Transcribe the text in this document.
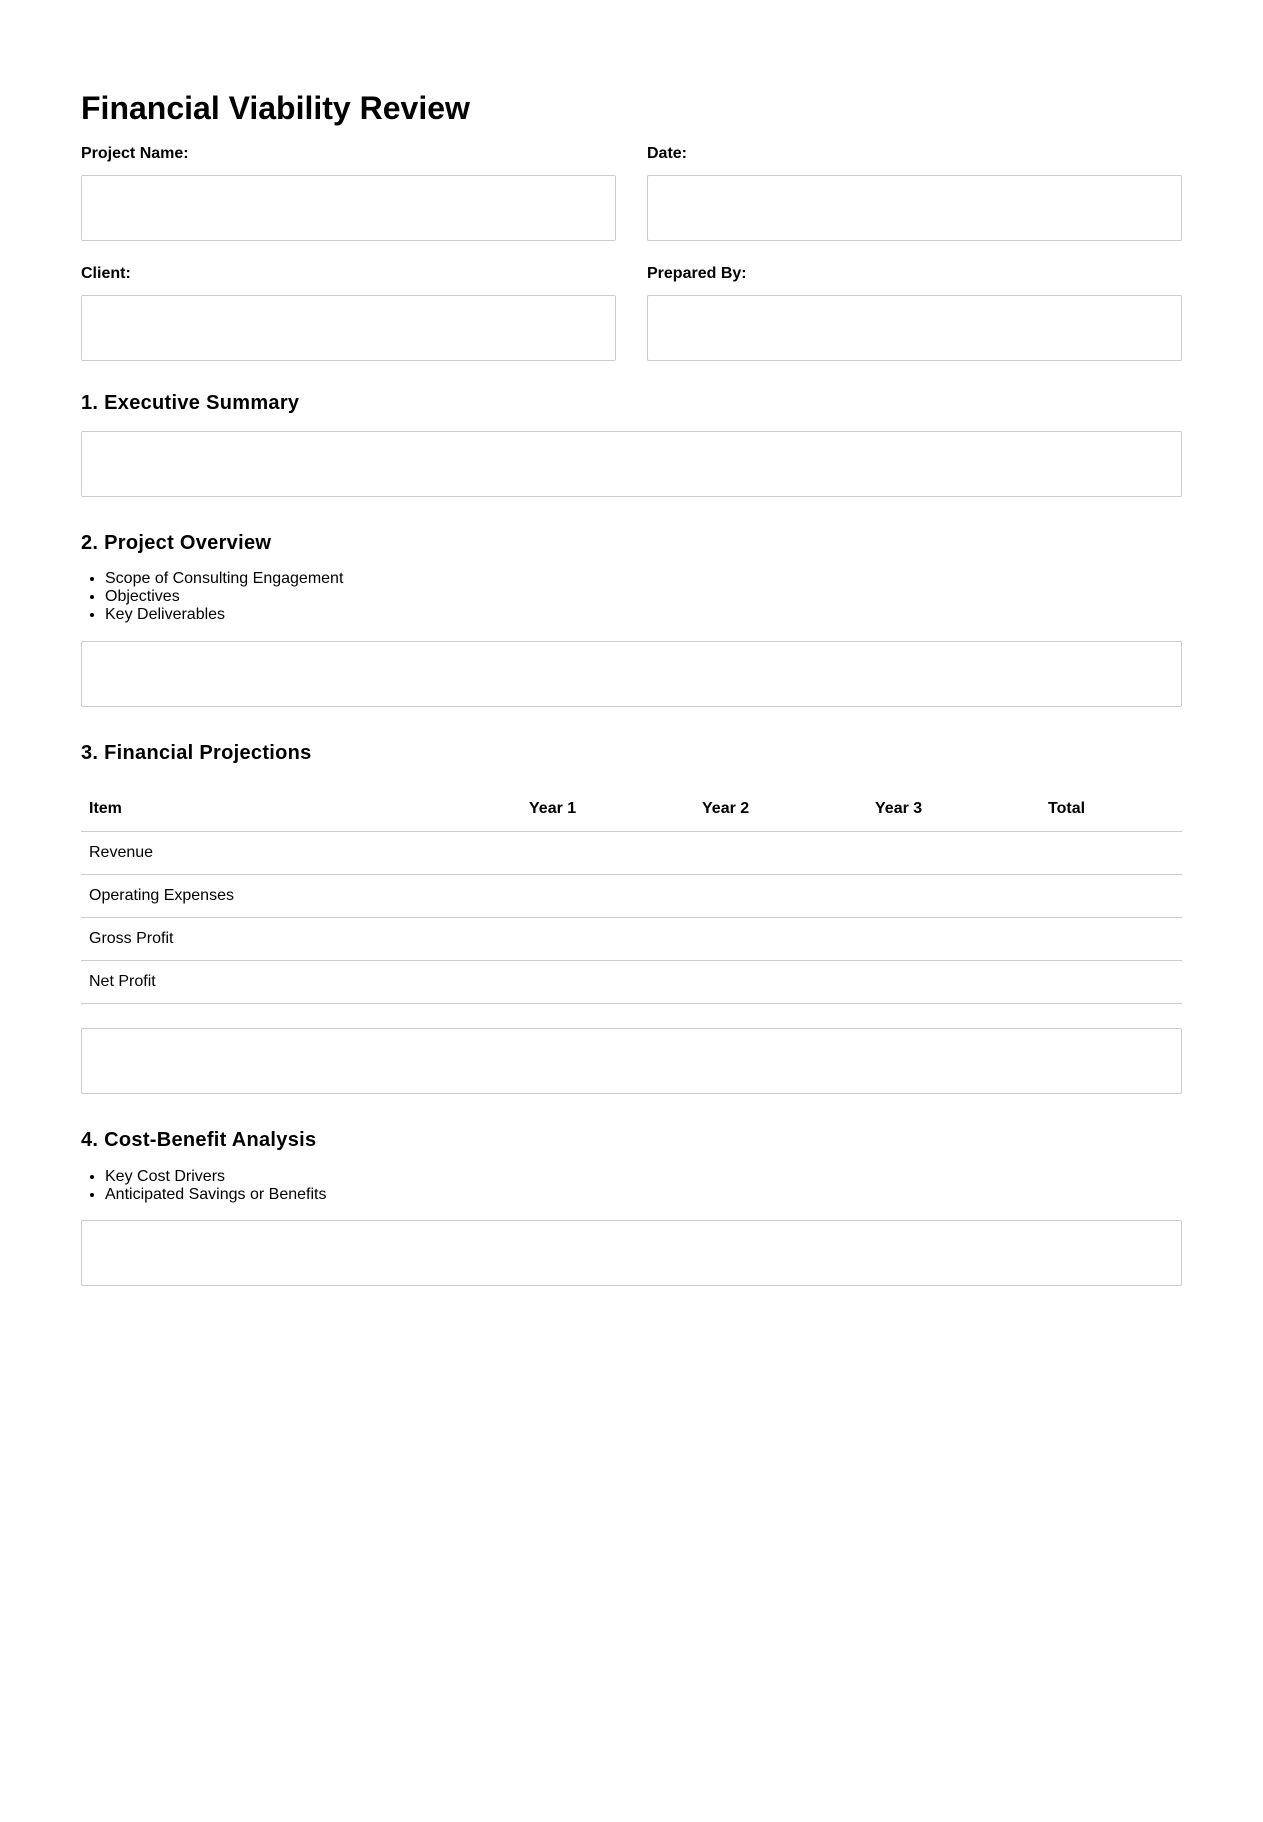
Financial Viability Review
Project Name:	Date:
Client:	Prepared By:
1. Executive Summary
2. Project Overview
• Scope of Consulting Engagement
• Objectives
• Key Deliverables
3. Financial Projections
Item	Year 1	Year 2	Year 3	Total
Revenue				
Operating Expenses				
Gross Profit				
Net Profit				
4. Cost-Benefit Analysis
• Key Cost Drivers
• Anticipated Savings or Benefits
